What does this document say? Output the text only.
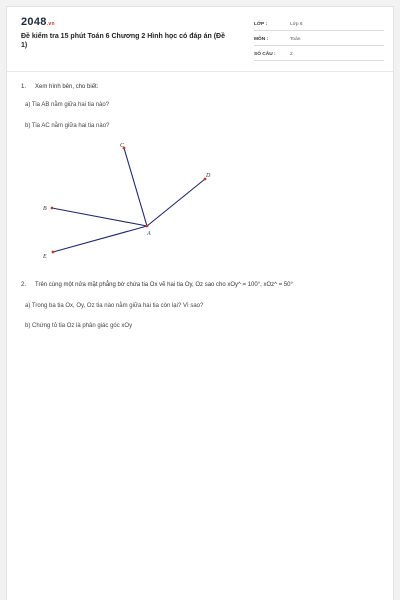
2048.vn
Đề kiểm tra 15 phút Toán 6 Chương 2 Hình học có đáp án (Đề 1)
LỚP :	Lớp 6
MÔN :	Toán
SỐ CÂU :	2
1. Xem hình bên, cho biết:
a) Tia AB nằm giữa hai tia nào?
b) Tia AC nằm giữa hai tia nào?
A
C
D
B
E
2. Trên cùng một nửa mặt phẳng bờ chứa tia Ox vẽ hai tia Oy, Oz sao cho xOy^ = 100°, xOz^ = 50°
a) Trong ba tia Ox, Oy, Oz tia nào nằm giữa hai tia còn lại? Vì sao?
b) Chứng tỏ tia Oz là phân giác góc xOy
